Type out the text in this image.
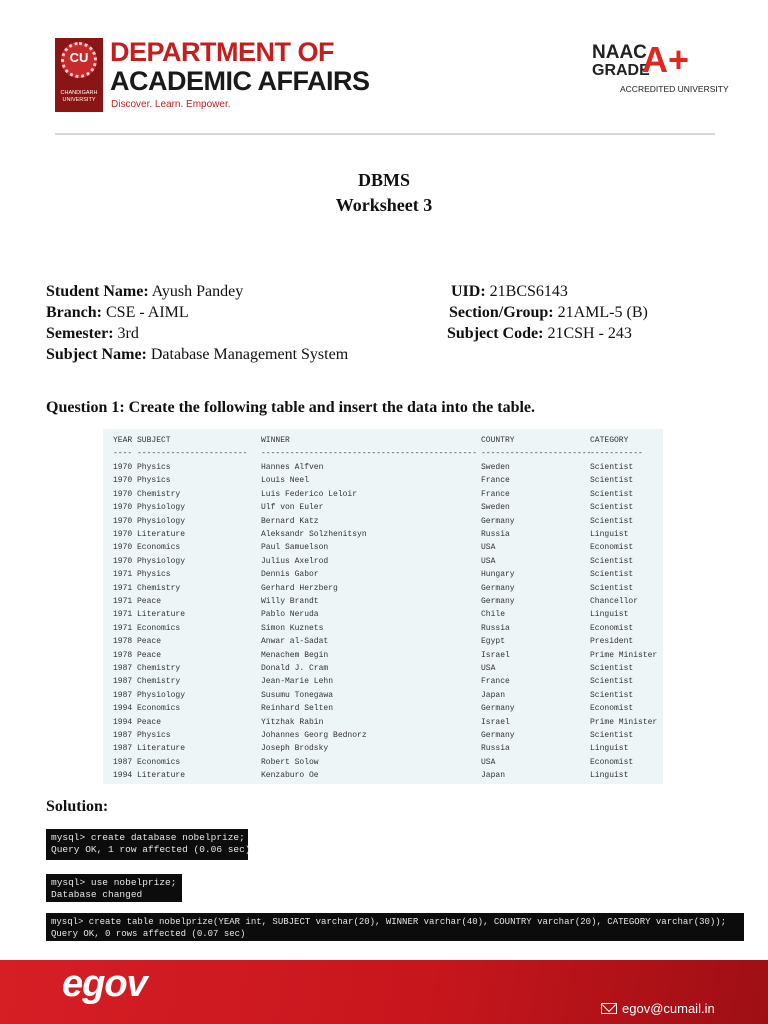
CU
CHANDIGARH UNIVERSITY
DEPARTMENT OF
ACADEMIC AFFAIRS
Discover. Learn. Empower.
NAAC
GRADE
A+
ACCREDITED UNIVERSITY
DBMS
Worksheet 3
Student Name: Ayush Pandey	UID: 21BCS6143
Branch: CSE - AIML	Section/Group: 21AML-5 (B)
Semester: 3rd	Subject Code: 21CSH - 243
Subject Name: Database Management System
Question 1: Create the following table and insert the data into the table.
YEAR SUBJECT	WINNER	COUNTRY	CATEGORY
---- ----------------------- --------------------------------------------- -----------------------
-----------
1970 Physics	Hannes Alfven	Sweden	Scientist
1970 Physics	Louis Neel	France	Scientist
1970 Chemistry	Luis Federico Leloir	France	Scientist
1970 Physiology	Ulf von Euler	Sweden	Scientist
1970 Physiology	Bernard Katz	Germany	Scientist
1970 Literature	Aleksandr Solzhenitsyn	Russia	Linguist
1970 Economics	Paul Samuelson	USA	Economist
1970 Physiology	Julius Axelrod	USA	Scientist
1971 Physics	Dennis Gabor	Hungary	Scientist
1971 Chemistry	Gerhard Herzberg	Germany	Scientist
1971 Peace	Willy Brandt	Germany	Chancellor
1971 Literature	Pablo Neruda	Chile	Linguist
1971 Economics	Simon Kuznets	Russia	Economist
1978 Peace	Anwar al-Sadat	Egypt	President
1978 Peace	Menachem Begin	Israel	Prime Minister
1987 Chemistry	Donald J. Cram	USA	Scientist
1987 Chemistry	Jean-Marie Lehn	France	Scientist
1987 Physiology	Susumu Tonegawa	Japan	Scientist
1994 Economics	Reinhard Selten	Germany	Economist
1994 Peace	Yitzhak Rabin	Israel	Prime Minister
1987 Physics	Johannes Georg Bednorz	Germany	Scientist
1987 Literature	Joseph Brodsky	Russia	Linguist
1987 Economics	Robert Solow	USA	Economist
1994 Literature	Kenzaburo Oe	Japan	Linguist
Solution:
mysql> create database nobelprize;
Query OK, 1 row affected (0.06 sec)
mysql> use nobelprize;
Database changed
mysql> create table nobelprize(YEAR int, SUBJECT varchar(20), WINNER varchar(40), COUNTRY varchar(20), CATEGORY varchar(30));
Query OK, 0 rows affected (0.07 sec)
egov
egov@cumail.in
